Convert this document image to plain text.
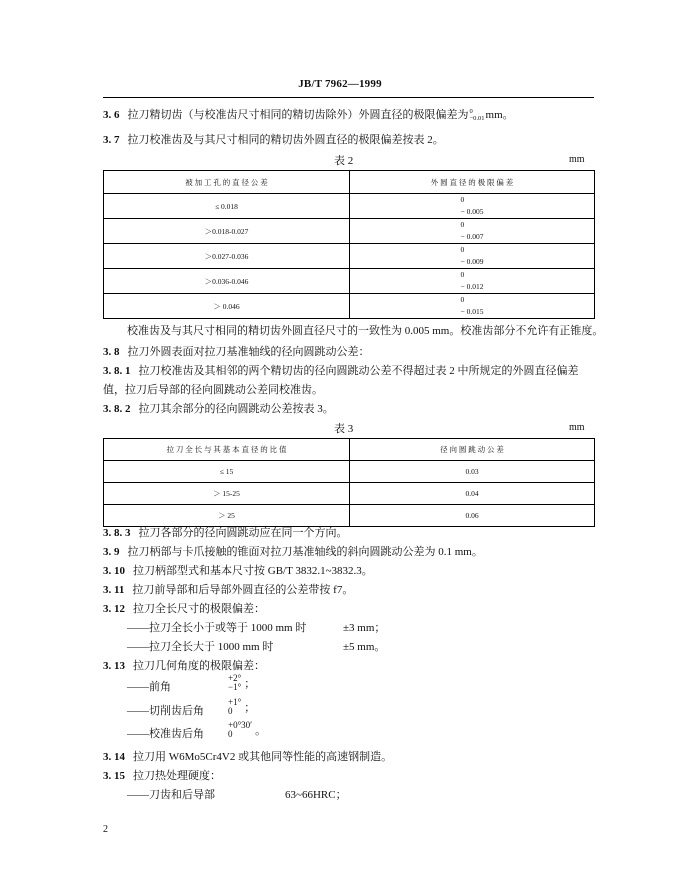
JB/T 7962—1999
3. 6 拉刀精切齿（与校准齿尺寸相同的精切齿除外）外圆直径的极限偏差为 0
−0.01 mm。
3. 7 拉刀校准齿及与其尺寸相同的精切齿外圆直径的极限偏差按表 2。
表 2	mm
被 加 工 孔 的 直 径 公 差	外 圆 直 径 的 极 限 偏 差
≤ 0.018	0
− 0.005

＞0.018-0.027	0
− 0.007

＞0.027-0.036	0
− 0.009

＞0.036-0.046	0
− 0.012

＞ 0.046	0
− 0.015
校准齿及与其尺寸相同的精切齿外圆直径尺寸的一致性为 0.005 mm。校准齿部分不允许有正锥度。
3. 8 拉刀外圆表面对拉刀基准轴线的径向圆跳动公差：
3. 8. 1 拉刀校准齿及其相邻的两个精切齿的径向圆跳动公差不得超过表 2 中所规定的外圆直径偏差
值，拉刀后导部的径向圆跳动公差同校准齿。
3. 8. 2 拉刀其余部分的径向圆跳动公差按表 3。
表 3	mm
拉 刀 全 长 与 其 基 本 直 径 的 比 值	径 向 圆 跳 动 公 差
≤ 15	0.03
＞ 15-25	0.04
＞ 25	0.06
3. 8. 3 拉刀各部分的径向圆跳动应在同一个方向。
3. 9 拉刀柄部与卡爪接触的锥面对拉刀基准轴线的斜向圆跳动公差为 0.1 mm。
3. 10 拉刀柄部型式和基本尺寸按 GB/T 3832.1~3832.3。
3. 11 拉刀前导部和后导部外圆直径的公差带按 f7。
3. 12 拉刀全长尺寸的极限偏差：
——拉刀全长小于或等于 1000 mm 时	±3 mm；
——拉刀全长大于 1000 mm 时	±5 mm。
3. 13 拉刀几何角度的极限偏差：
——前角
+2°
−1° ；
——切削齿后角
+1°
0	；
——校准齿后角
+0°30′
0	。
3. 14 拉刀用 W6Mo5Cr4V2 或其他同等性能的高速钢制造。
3. 15 拉刀热处理硬度：
——刀齿和后导部	63~66HRC；
2
